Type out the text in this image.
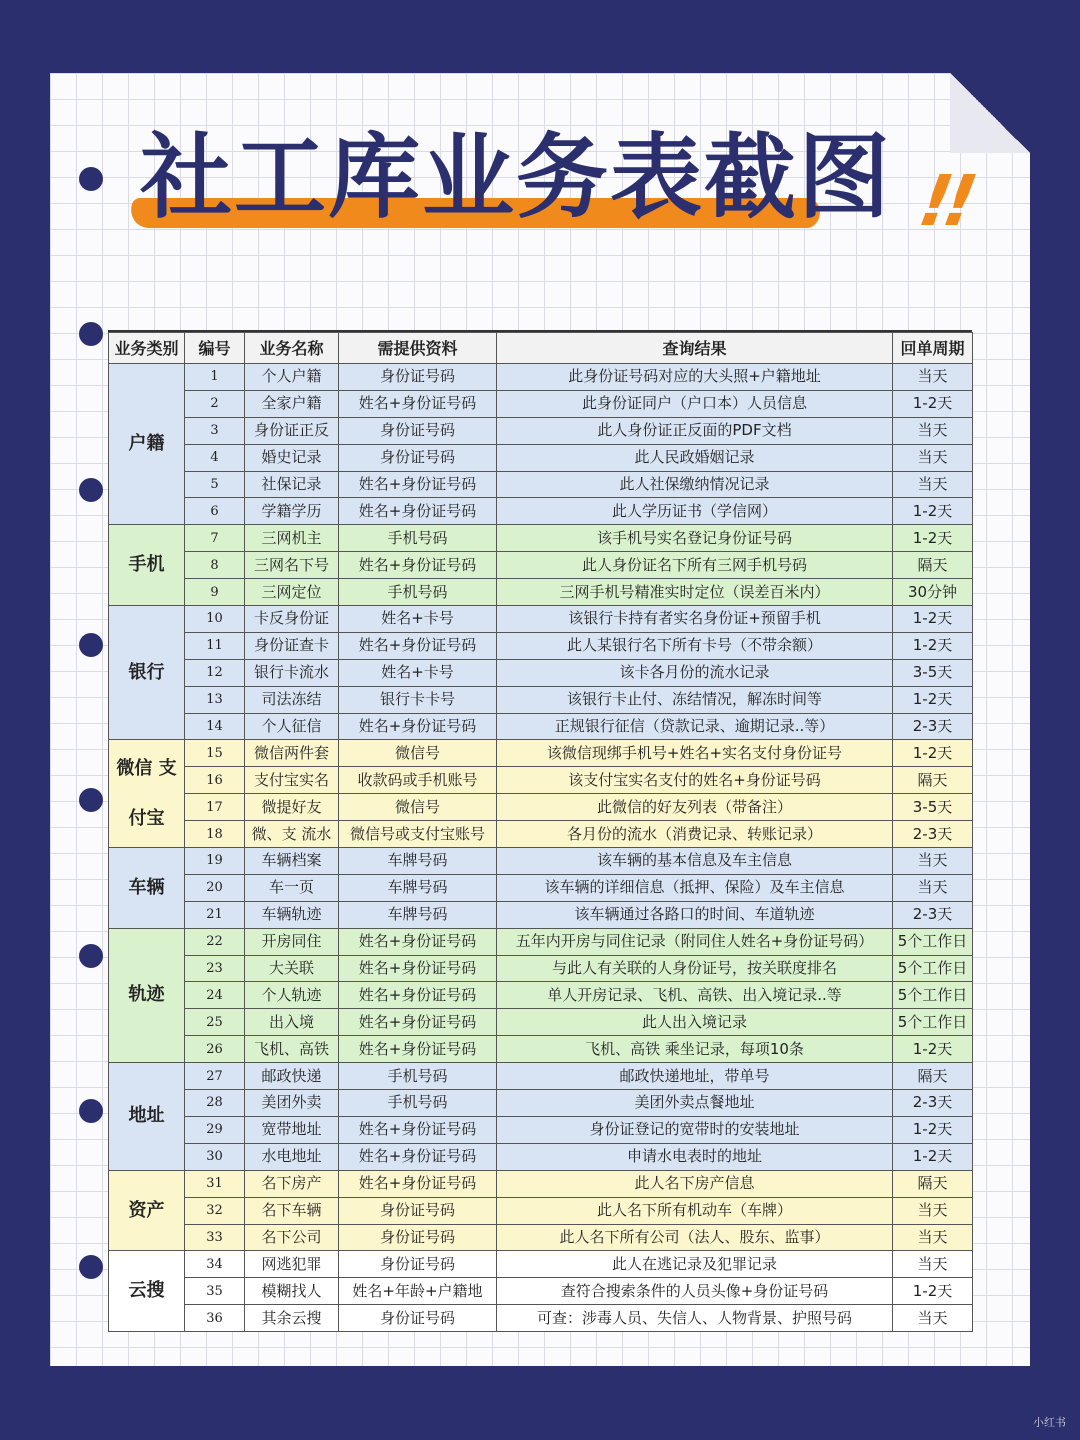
社工库业务表截图 !!
业务类别	编号	业务名称	需提供资料	查询结果	回单周期
户籍	1	个人户籍	身份证号码	此身份证号码对应的大头照+户籍地址	当天
	2	全家户籍	姓名+身份证号码	此身份证同户（户口本）人员信息	1-2天
	3	身份证正反	身份证号码	此人身份证正反面的PDF文档	当天
	4	婚史记录	身份证号码	此人民政婚姻记录	当天
	5	社保记录	姓名+身份证号码	此人社保缴纳情况记录	当天
	6	学籍学历	姓名+身份证号码	此人学历证书（学信网）	1-2天
手机	7	三网机主	手机号码	该手机号实名登记身份证号码	1-2天
	8	三网名下号	姓名+身份证号码	此人身份证名下所有三网手机号码	隔天
	9	三网定位	手机号码	三网手机号精准实时定位（误差百米内）	30分钟
银行	10	卡反身份证	姓名+卡号	该银行卡持有者实名身份证+预留手机	1-2天
	11	身份证查卡	姓名+身份证号码	此人某银行名下所有卡号（不带余额）	1-2天
	12	银行卡流水	姓名+卡号	该卡各月份的流水记录	3-5天
	13	司法冻结	银行卡卡号	该银行卡止付、冻结情况，解冻时间等	1-2天
	14	个人征信	姓名+身份证号码	正规银行征信（贷款记录、逾期记录..等）	2-3天
微信 支付宝	15	微信两件套	微信号	该微信现绑手机号+姓名+实名支付身份证号	1-2天
	16	支付宝实名	收款码或手机账号	该支付宝实名支付的姓名+身份证号码	隔天
	17	微提好友	微信号	此微信的好友列表（带备注）	3-5天
	18	微、支 流水	微信号或支付宝账号	各月份的流水（消费记录、转账记录）	2-3天
车辆	19	车辆档案	车牌号码	该车辆的基本信息及车主信息	当天
	20	车一页	车牌号码	该车辆的详细信息（抵押、保险）及车主信息	当天
	21	车辆轨迹	车牌号码	该车辆通过各路口的时间、车道轨迹	2-3天
轨迹	22	开房同住	姓名+身份证号码	五年内开房与同住记录（附同住人姓名+身份证号码）	5个工作日
	23	大关联	姓名+身份证号码	与此人有关联的人身份证号，按关联度排名	5个工作日
	24	个人轨迹	姓名+身份证号码	单人开房记录、飞机、高铁、出入境记录..等	5个工作日
	25	出入境	姓名+身份证号码	此人出入境记录	5个工作日
	26	飞机、高铁	姓名+身份证号码	飞机、高铁 乘坐记录，每项10条	1-2天
地址	27	邮政快递	手机号码	邮政快递地址，带单号	隔天
	28	美团外卖	手机号码	美团外卖点餐地址	2-3天
	29	宽带地址	姓名+身份证号码	身份证登记的宽带时的安装地址	1-2天
	30	水电地址	姓名+身份证号码	申请水电表时的地址	1-2天
资产	31	名下房产	姓名+身份证号码	此人名下房产信息	隔天
	32	名下车辆	身份证号码	此人名下所有机动车（车牌）	当天
	33	名下公司	身份证号码	此人名下所有公司（法人、股东、监事）	当天
云搜	34	网逃犯罪	身份证号码	此人在逃记录及犯罪记录	当天
	35	模糊找人	姓名+年龄+户籍地	查符合搜索条件的人员头像+身份证号码	1-2天
	36	其余云搜	身份证号码	可查：涉毒人员、失信人、人物背景、护照号码	当天
小红书
